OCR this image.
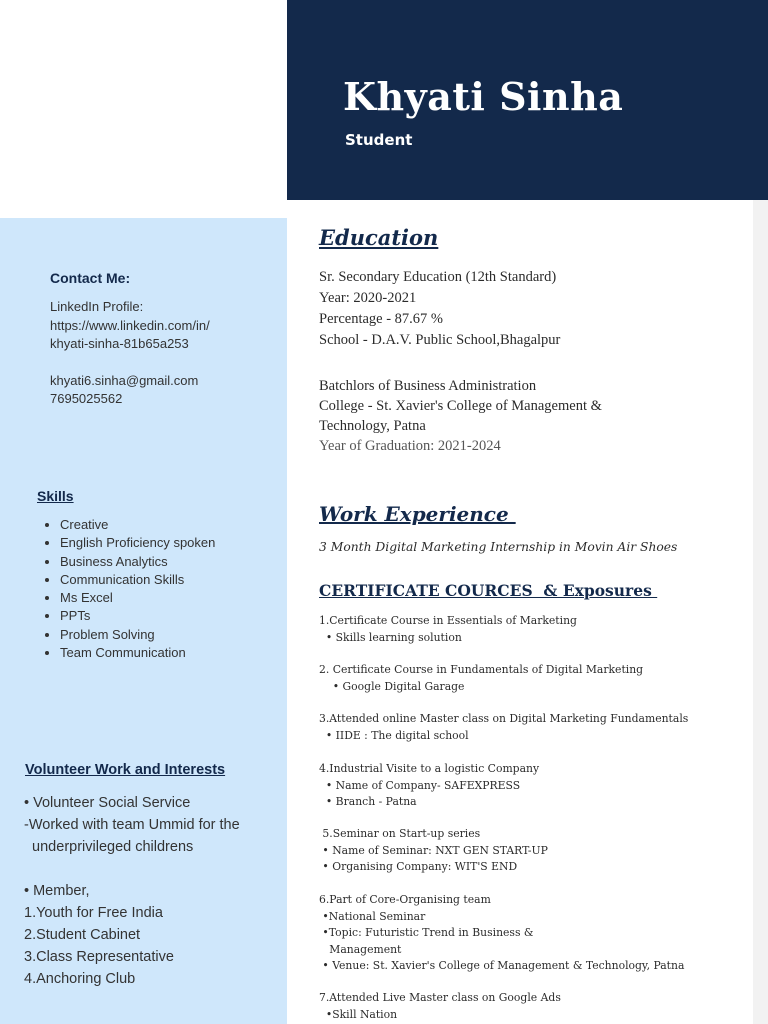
Khyati Sinha

Student

Contact Me:
LinkedIn Profile:
https://www.linkedin.com/in/
khyati-sinha-81b65a253
khyati6.sinha@gmail.com
7695025562
Skills
• Creative
• English Proficiency spoken
• Business Analytics
• Communication Skills
• Ms Excel
• PPTs
• Problem Solving
• Team Communication
Volunteer Work and Interests
• Volunteer Social Service
-Worked with team Ummid for the
underprivileged childrens
• Member,
1.Youth for Free India
2.Student Cabinet
3.Class Representative
4.Anchoring Club
Education
Sr. Secondary Education (12th Standard)
Year: 2020-2021
Percentage - 87.67 %
School - D.A.V. Public School,Bhagalpur
Batchlors of Business Administration
College - St. Xavier's College of Management &
Technology, Patna
Year of Graduation: 2021-2024
Work Experience
3 Month Digital Marketing Internship in Movin Air Shoes
CERTIFICATE COURCES  & Exposures
1.Certificate Course in Essentials of Marketing
• Skills learning solution
2. Certificate Course in Fundamentals of Digital Marketing
• Google Digital Garage
3.Attended online Master class on Digital Marketing Fundamentals
• IIDE : The digital school
4.Industrial Visite to a logistic Company
• Name of Company- SAFEXPRESS
• Branch - Patna
5.Seminar on Start-up series
• Name of Seminar: NXT GEN START-UP
• Organising Company: WIT'S END
6.Part of Core-Organising team
•National Seminar
•Topic: Futuristic Trend in Business &
Management
• Venue: St. Xavier's College of Management & Technology, Patna
7.Attended Live Master class on Google Ads
•Skill Nation
